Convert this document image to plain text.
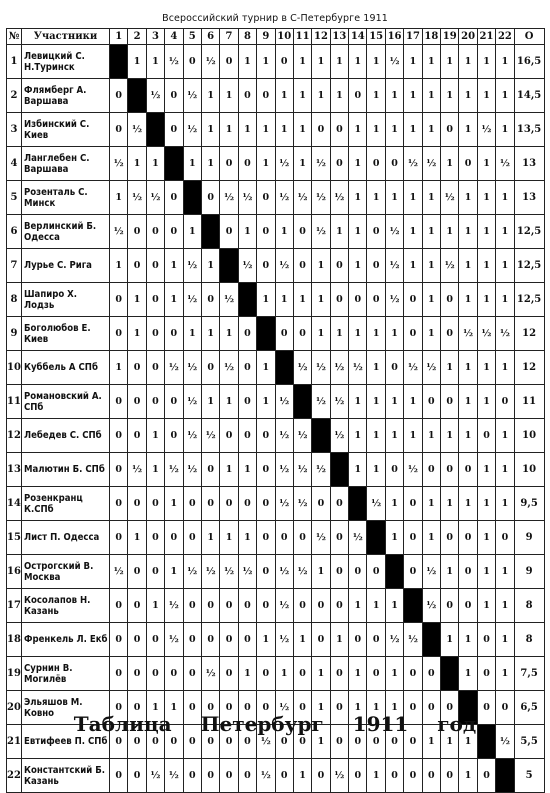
Всероссийский турнир в С-Петербурге 1911
№	Участники	1	2	3	4	5	6	7	8	9	10	11	12	13	14	15	16	17	18	19	20	21	22	О
1	Левицкий С. Н.Туринск		1	1	½	0	½	0	1	1	0	1	1	1	1	1	½	1	1	1	1	1	1	16,5
2	Флямберг А. Варшава	0		½	0	½	1	1	0	0	1	1	1	1	0	1	1	1	1	1	1	1	1	14,5
3	Избинский С. Киев	0	½		0	½	1	1	1	1	1	1	0	0	1	1	1	1	1	0	1	½	1	13,5
4	Ланглебен С. Варшава	½	1	1		1	1	0	0	1	½	1	½	0	1	0	0	½	½	1	0	1	½	13
5	Розенталь С. Минск	1	½	½	0		0	½	½	0	½	½	½	½	1	1	1	1	1	½	1	1	1	13
6	Верлинский Б. Одесса	½	0	0	0	1		0	1	0	1	0	½	1	1	0	½	1	1	1	1	1	1	12,5
7	Лурье С. Рига	1	0	0	1	½	1		½	0	½	0	1	0	1	0	½	1	1	½	1	1	1	12,5
8	Шапиро Х. Лодзь	0	1	0	1	½	0	½		1	1	1	1	0	0	0	½	0	1	0	1	1	1	12,5
9	Боголюбов Е. Киев	0	1	0	0	1	1	1	0		0	0	1	1	1	1	1	0	1	0	½	½	½	12
10	Куббель А СПб	1	0	0	½	½	0	½	0	1		½	½	½	½	1	0	½	½	1	1	1	1	12
11	Романовский А. СПб	0	0	0	0	½	1	1	0	1	½		½	½	1	1	1	1	0	0	1	1	0	11
12	Лебедев С. СПб	0	0	1	0	½	½	0	0	0	½	½		½	1	1	1	1	1	1	1	0	1	10
13	Малютин Б. СПб	0	½	1	½	½	0	1	1	0	½	½	½		1	1	0	½	0	0	0	1	1	10
14	Розенкранц К.СПб	0	0	0	1	0	0	0	0	0	½	½	0	0		½	1	0	1	1	1	1	1	9,5
15	Лист П. Одесса	0	1	0	0	0	1	1	1	0	0	0	½	0	½		1	0	1	0	0	1	0	9
16	Острогский В. Москва	½	0	0	1	½	½	½	½	0	½	½	1	0	0	0		0	½	1	0	1	1	9
17	Косолапов Н. Казань	0	0	1	½	0	0	0	0	0	½	0	0	0	1	1	1		½	0	0	1	1	8
18	Френкель Л. Екб	0	0	0	½	0	0	0	0	1	½	1	0	1	0	0	½	½		1	1	0	1	8
19	Сурнин В. Могилёв	0	0	0	0	0	½	0	1	0	1	0	1	0	1	0	1	0	0		1	0	1	7,5
20	Эльяшов М. Ковно	0	0	1	1	0	0	0	0	0	½	0	1	0	1	1	1	0	0	0		0	0	6,5
21	Евтифеев П. СПб	0	0	0	0	0	0	0	0	½	0	0	1	0	0	0	0	0	1	1	1		½	5,5
22	Константский Б. Казань	0	0	½	½	0	0	0	0	½	0	1	0	½	0	1	0	0	0	0	1	0		5
Таблица Петербург 1911 год
